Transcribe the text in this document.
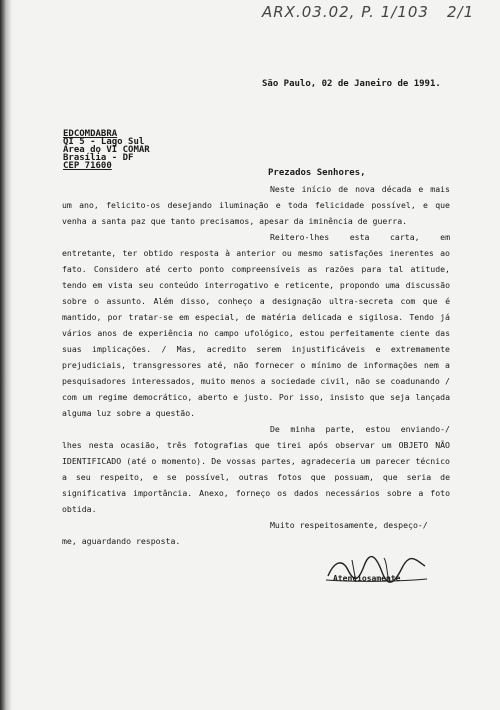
ARX.03.02, P. 1/103 2/1
São Paulo, 02 de Janeiro de 1991.
EDCOMDABRA
QI 5 - Lago Sul
Área do VI COMAR
Brasília - DF
CEP 71600
Prezados Senhores,
Neste início de nova década e mais um ano, felicito-os desejando iluminação e toda felicidade possível, e que venha a santa paz que tanto precisamos, apesar da iminência de guerra.
Reitero-lhes esta carta, em entretante, ter obtido resposta à anterior ou mesmo satisfações inerentes ao fato. Considero até certo ponto compreensíveis as razões para tal atitude, tendo em vista seu conteúdo interrogativo e reticente, propondo uma discussão sobre o assunto. Além disso, conheço a designação ultra-secreta com que é mantido, por tratar-se em especial, de matéria delicada e sigilosa. Tendo já vários anos de experiência no campo ufológico, estou perfeitamente ciente das suas implicações. / Mas, acredito serem injustificáveis e extremamente prejudiciais, transgressores até, não fornecer o mínimo de informações nem a pesquisadores interessados, muito menos a sociedade civil, não se coadunando / com um regime democrático, aberto e justo. Por isso, insisto que seja lançada alguma luz sobre a questão.
De minha parte, estou enviando-/ lhes nesta ocasião, três fotografias que tirei após observar um OBJETO NÃO IDENTIFICADO (até o momento). De vossas partes, agradeceria um parecer técnico a seu respeito, e se possível, outras fotos que possuam, que seria de significativa importância. Anexo, forneço os dados necessários sobre a foto obtida.
Muito respeitosamente, despeço-/
me, aguardando resposta.
Atenciosamente
